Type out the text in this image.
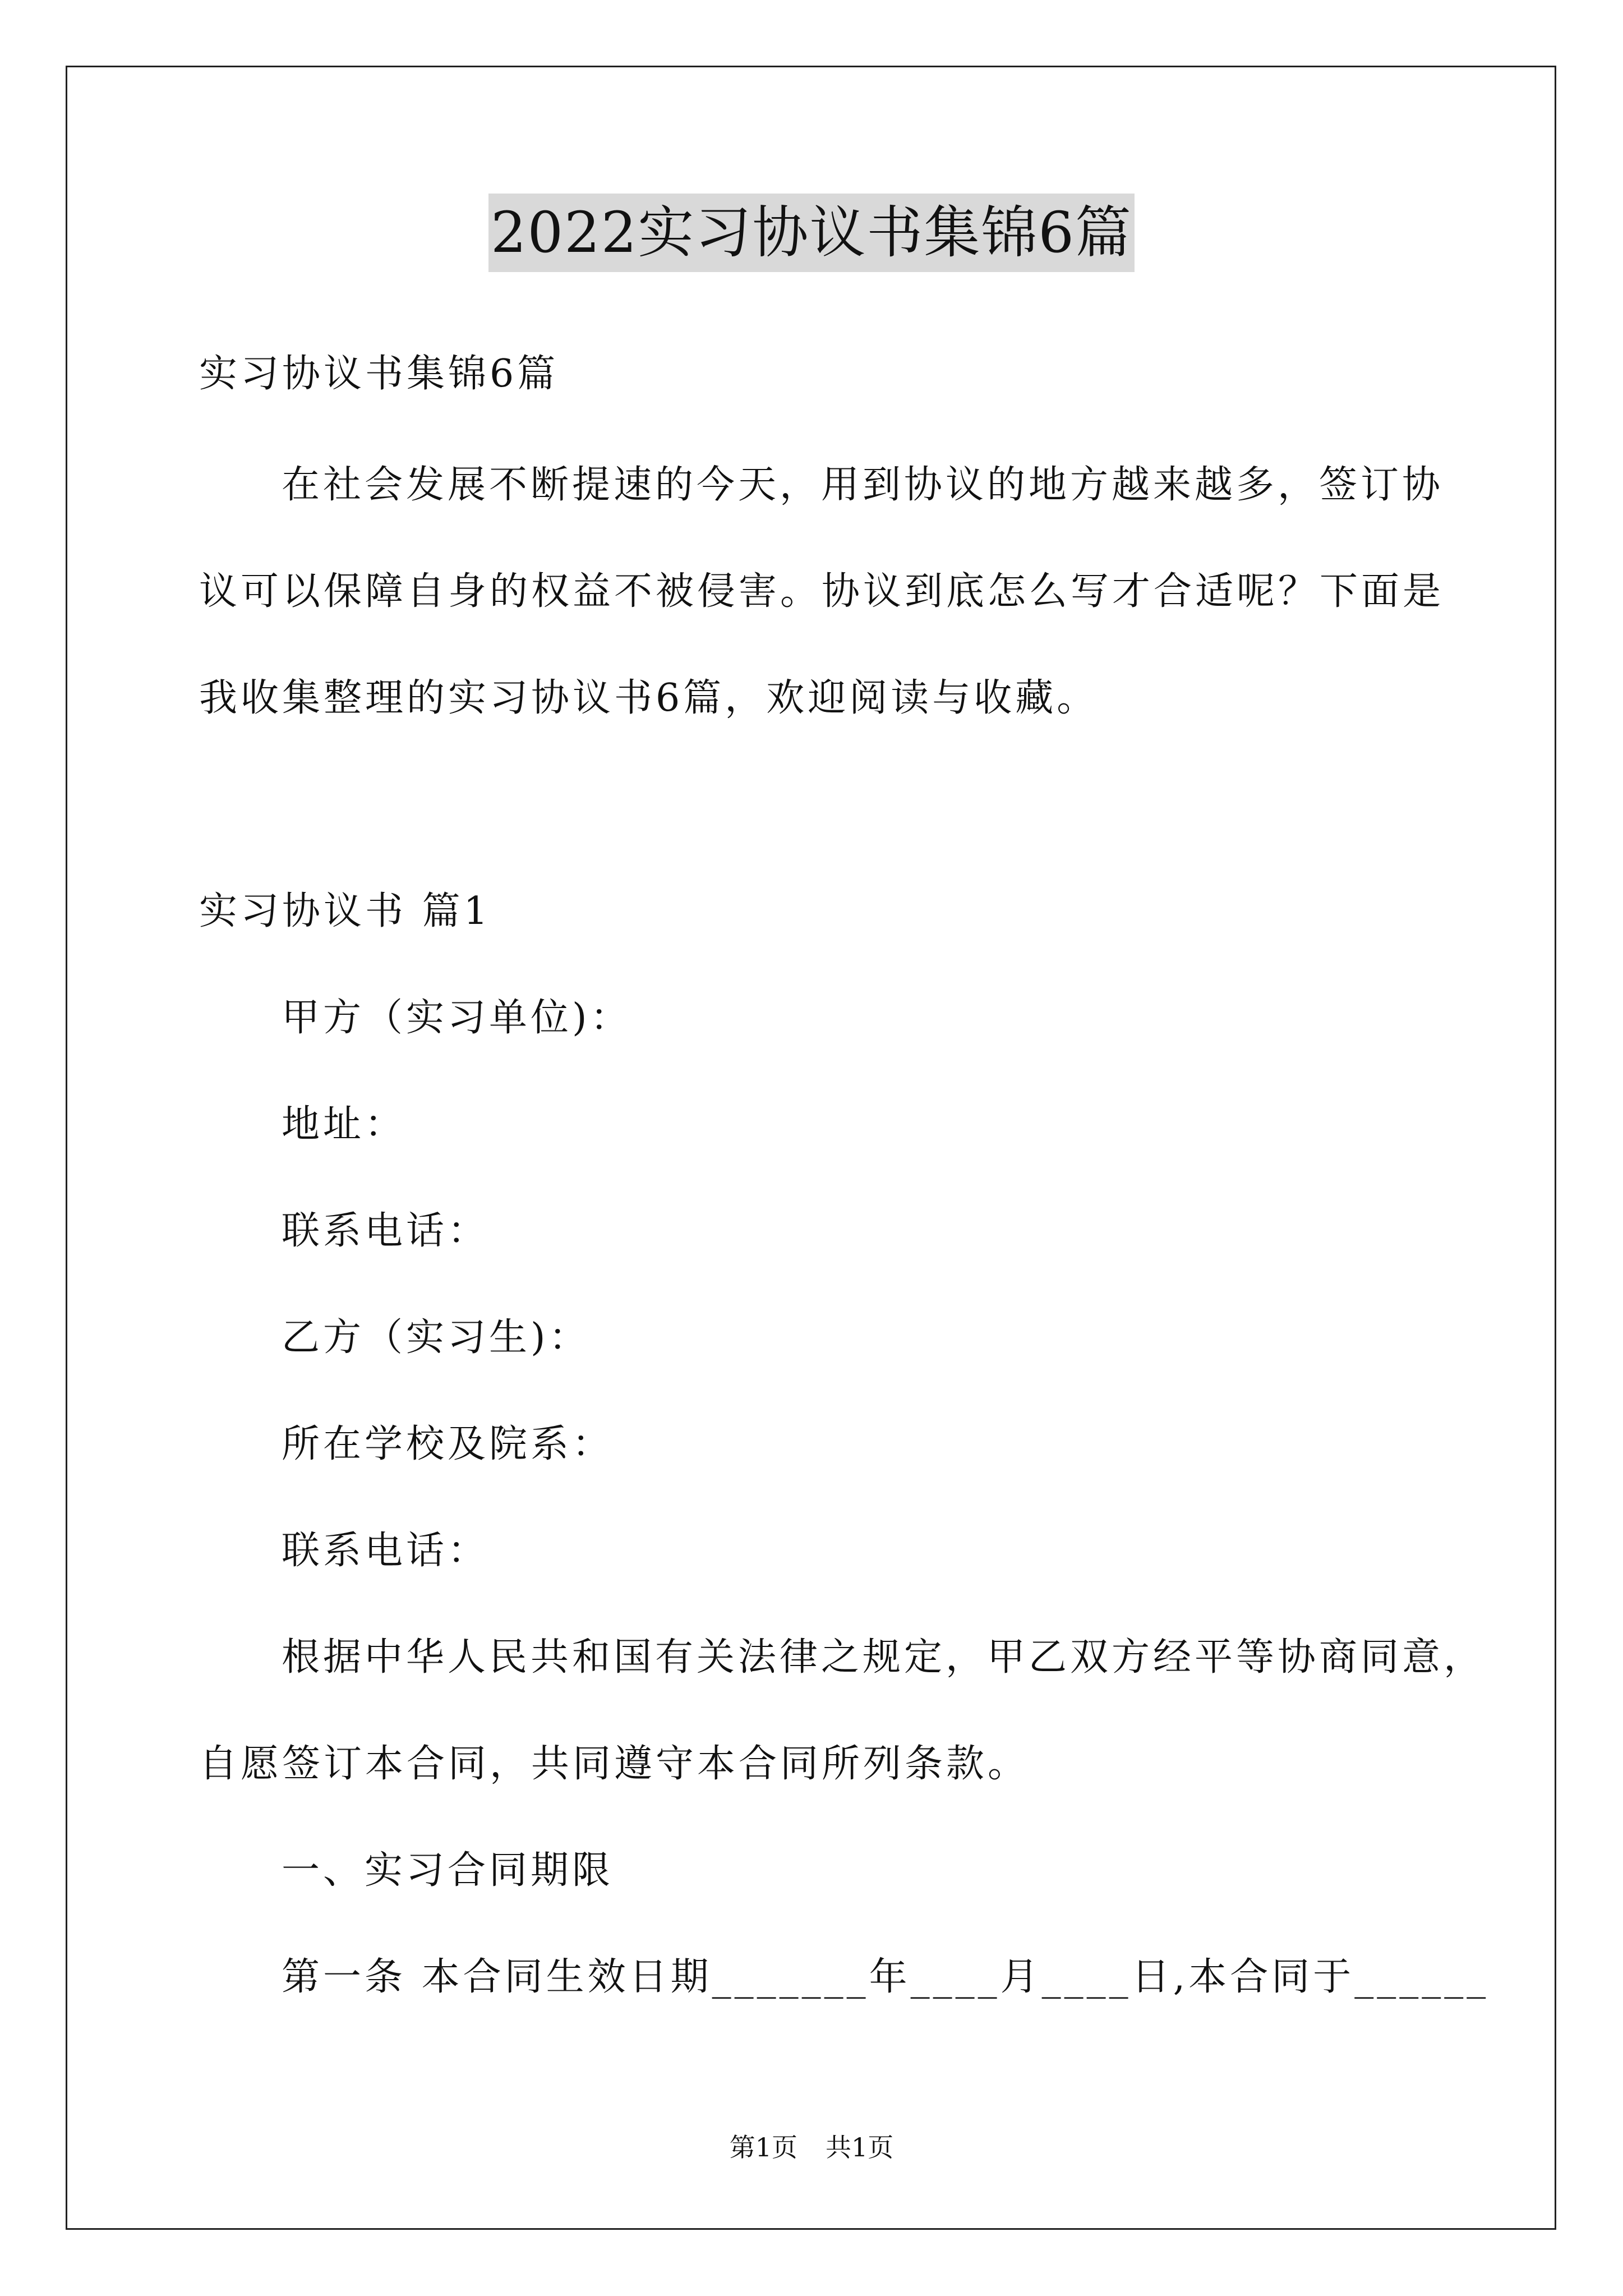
2022实习协议书集锦6篇
实习协议书集锦6篇
在社会发展不断提速的今天，用到协议的地方越来越多，签订协
议可以保障自身的权益不被侵害。协议到底怎么写才合适呢？下面是
我收集整理的实习协议书6篇，欢迎阅读与收藏。
实习协议书 篇1
甲方（实习单位)：
地址：
联系电话：
乙方（实习生)：
所在学校及院系：
联系电话：
根据中华人民共和国有关法律之规定，甲乙双方经平等协商同意，
自愿签订本合同，共同遵守本合同所列条款。
一、实习合同期限
第一条 本合同生效日期_______年____月____日,本合同于______
第1页 共1页
